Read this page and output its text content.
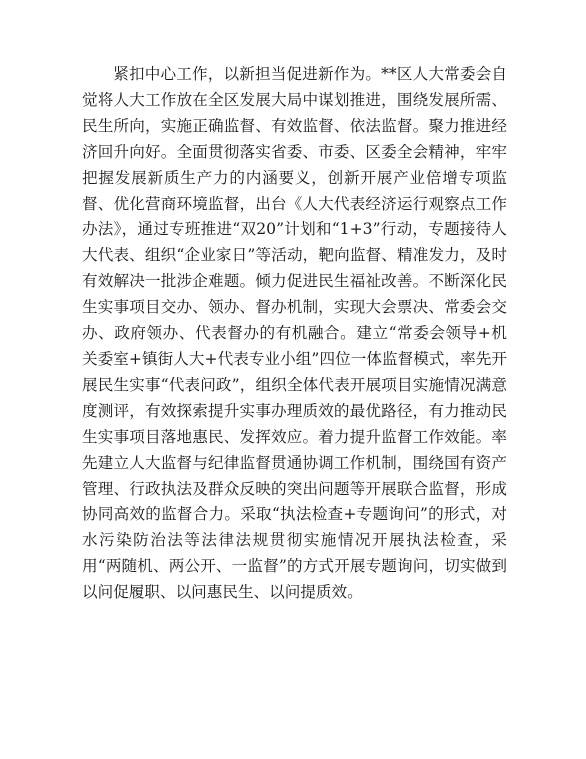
紧扣中心工作，以新担当促进新作为。**区人大常委会自觉将人大工作放在全区发展大局中谋划推进，围绕发展所需、民生所向，实施正确监督、有效监督、依法监督。聚力推进经济回升向好。全面贯彻落实省委、市委、区委全会精神，牢牢把握发展新质生产力的内涵要义，创新开展产业倍增专项监督、优化营商环境监督，出台《人大代表经济运行观察点工作办法》，通过专班推进“双20”计划和“1+3”行动，专题接待人大代表、组织“企业家日”等活动，靶向监督、精准发力，及时有效解决一批涉企难题。倾力促进民生福祉改善。不断深化民生实事项目交办、领办、督办机制，实现大会票决、常委会交办、政府领办、代表督办的有机融合。建立“常委会领导+机关委室+镇街人大+代表专业小组”四位一体监督模式，率先开展民生实事“代表问政”，组织全体代表开展项目实施情况满意度测评，有效探索提升实事办理质效的最优路径，有力推动民生实事项目落地惠民、发挥效应。着力提升监督工作效能。率先建立人大监督与纪律监督贯通协调工作机制，围绕国有资产管理、行政执法及群众反映的突出问题等开展联合监督，形成协同高效的监督合力。采取“执法检查+专题询问”的形式，对水污染防治法等法律法规贯彻实施情况开展执法检查，采用“两随机、两公开、一监督”的方式开展专题询问，切实做到以问促履职、以问惠民生、以问提质效。
